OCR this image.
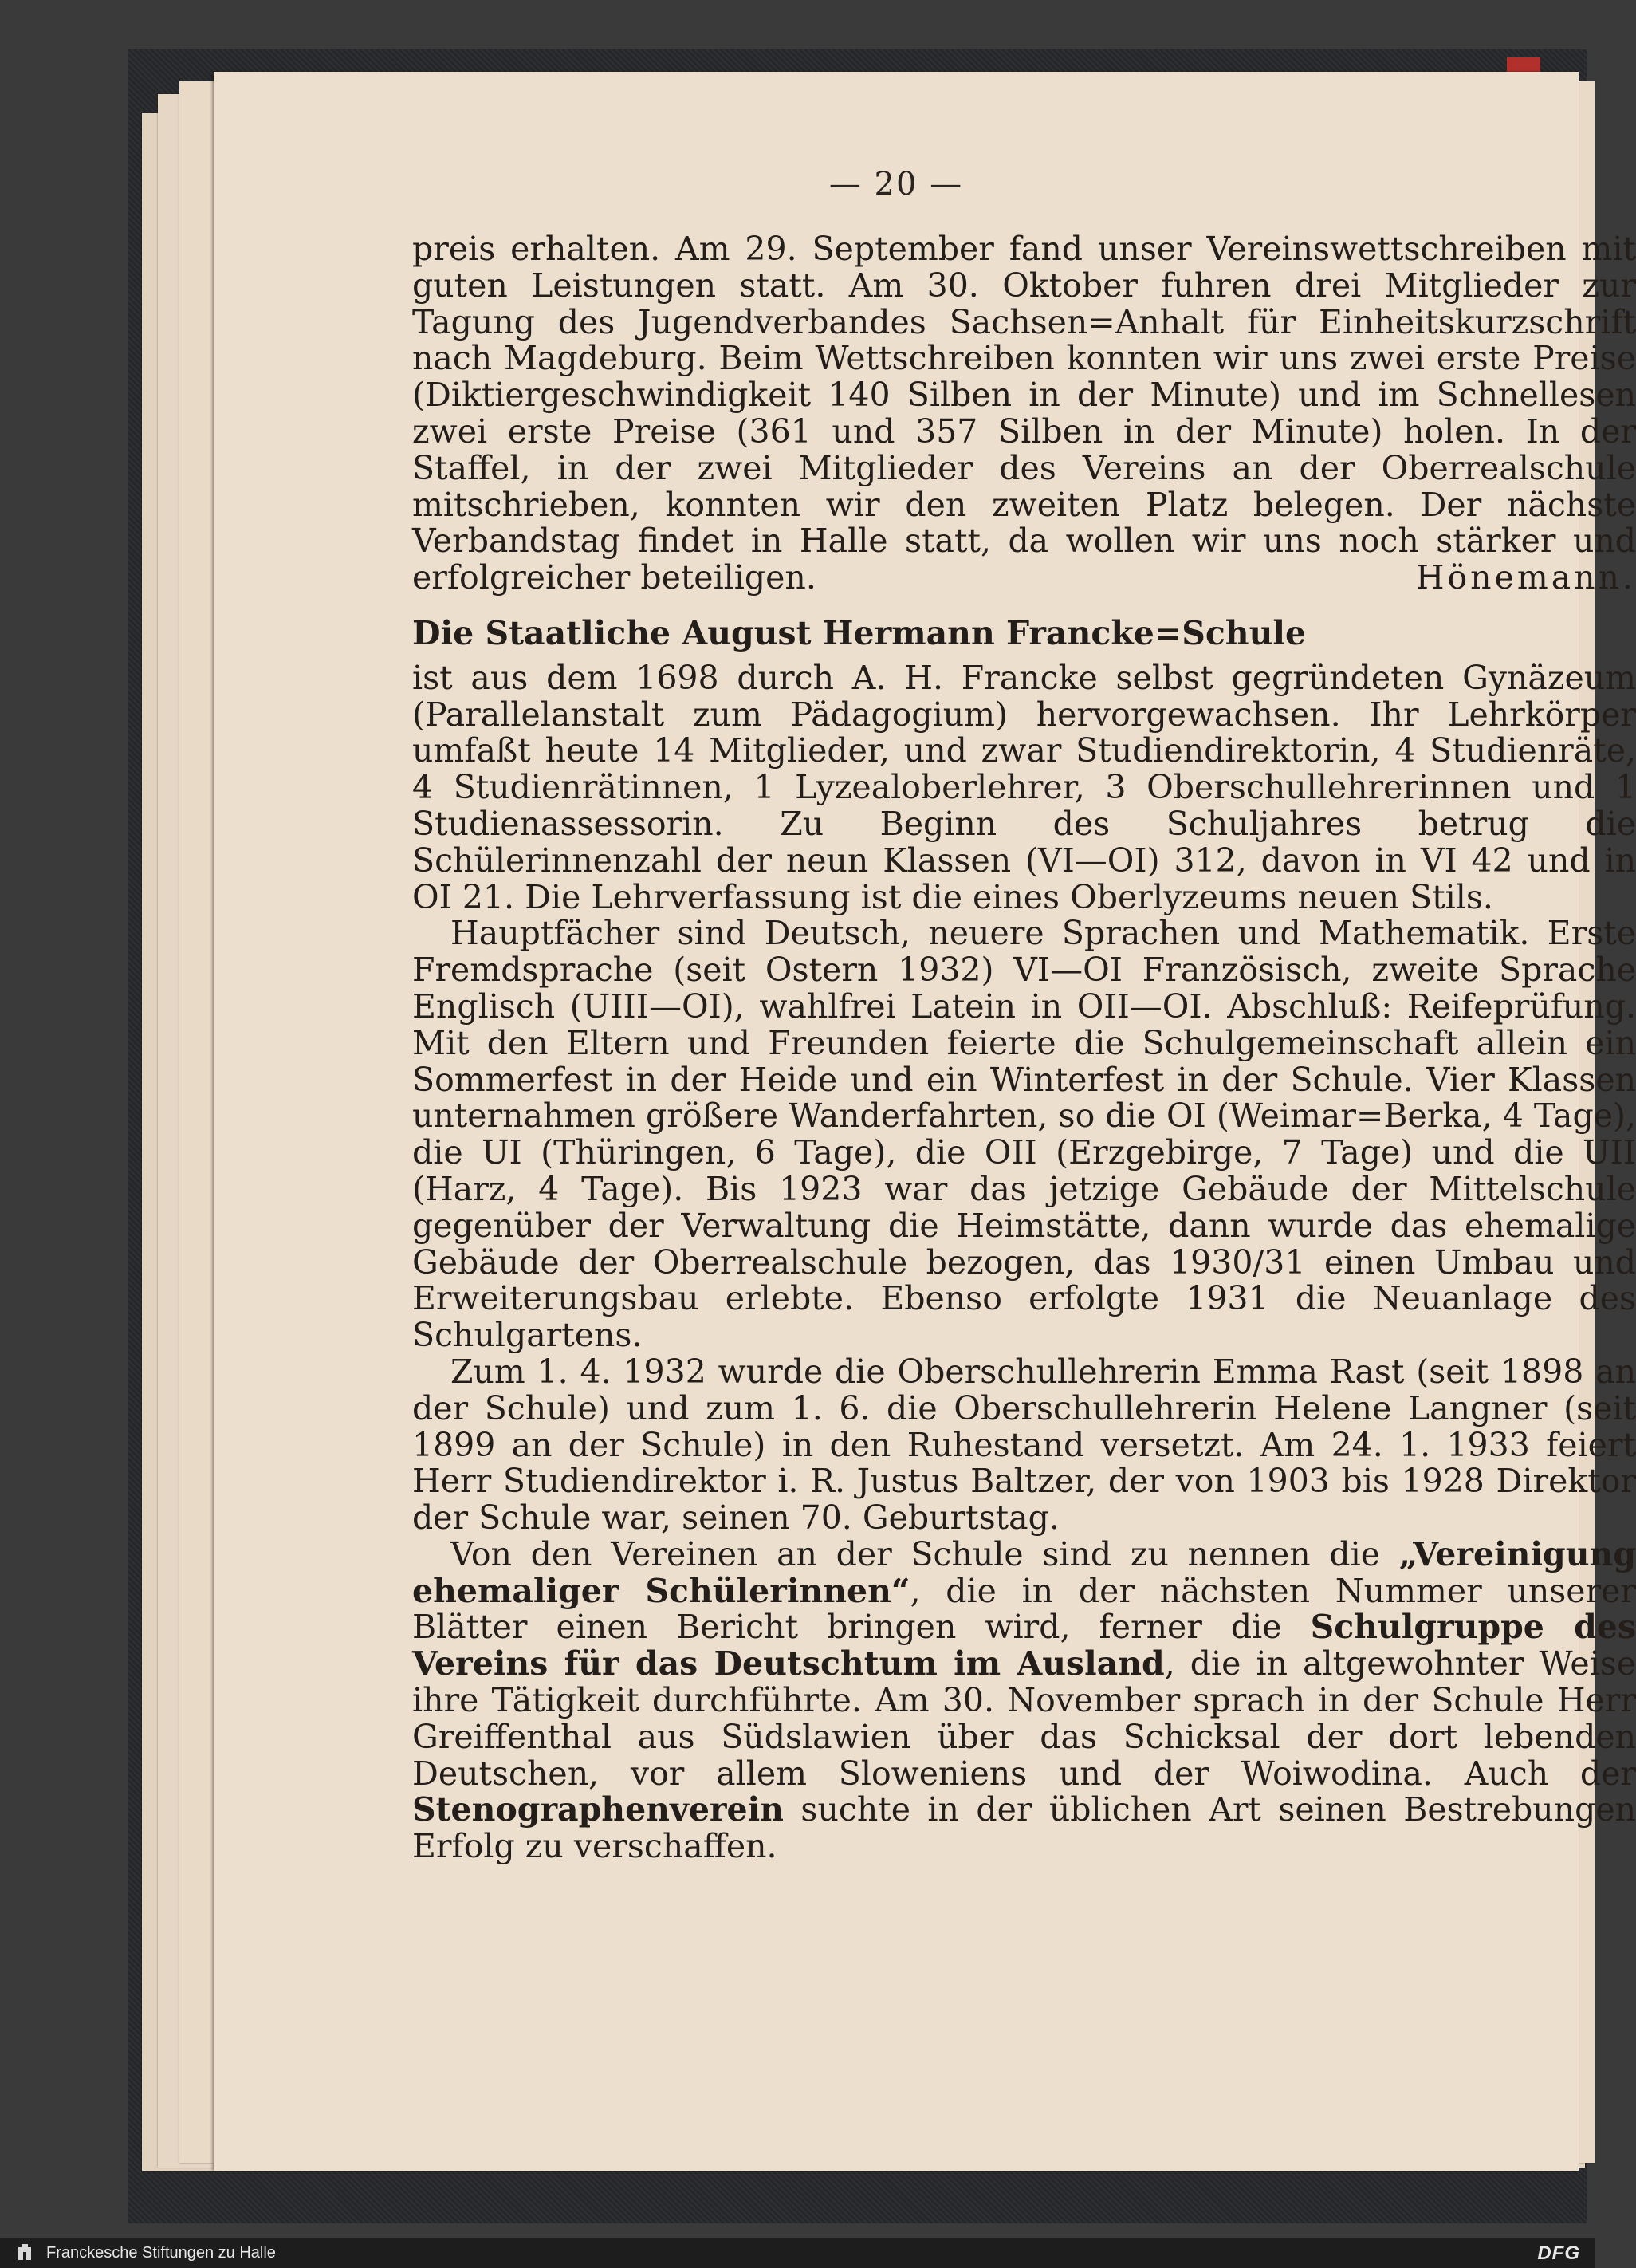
— 20 —

preis erhalten. Am 29. September fand unser Vereinswettschreiben mit guten Leistungen statt. Am 30. Oktober fuhren drei Mitglieder zur Tagung des Jugendverbandes Sachsen=Anhalt für Einheitskurzschrift nach Magdeburg. Beim Wettschreiben konnten wir uns zwei erste Preise (Diktiergeschwindigkeit 140 Silben in der Minute) und im Schnellesen zwei erste Preise (361 und 357 Silben in der Minute) holen. In der Staffel, in der zwei Mitglieder des Vereins an der Oberrealschule mitschrieben, konnten wir den zweiten Platz belegen. Der nächste Verbandstag findet in Halle statt, da wollen wir uns noch stärker und erfolgreicher beteiligen.	Hönemann.

Die Staatliche August Hermann Francke=Schule

ist aus dem 1698 durch A. H. Francke selbst gegründeten Gynäzeum (Parallelanstalt zum Pädagogium) hervorgewachsen. Ihr Lehrkörper umfaßt heute 14 Mitglieder, und zwar Studiendirektorin, 4 Studienräte, 4 Studienrätinnen, 1 Lyzealoberlehrer, 3 Oberschullehrerinnen und 1 Studienassessorin. Zu Beginn des Schuljahres betrug die Schülerinnenzahl der neun Klassen (VI—OI) 312, davon in VI 42 und in OI 21. Die Lehrverfassung ist die eines Oberlyzeums neuen Stils.

Hauptfächer sind Deutsch, neuere Sprachen und Mathematik. Erste Fremdsprache (seit Ostern 1932) VI—OI Französisch, zweite Sprache Englisch (UIII—OI), wahlfrei Latein in OII—OI. Abschluß: Reifeprüfung. Mit den Eltern und Freunden feierte die Schulgemeinschaft allein ein Sommerfest in der Heide und ein Winterfest in der Schule. Vier Klassen unternahmen größere Wanderfahrten, so die OI (Weimar=Berka, 4 Tage), die UI (Thüringen, 6 Tage), die OII (Erzgebirge, 7 Tage) und die UII (Harz, 4 Tage). Bis 1923 war das jetzige Gebäude der Mittelschule gegenüber der Verwaltung die Heimstätte, dann wurde das ehemalige Gebäude der Oberrealschule bezogen, das 1930/31 einen Umbau und Erweiterungsbau erlebte. Ebenso erfolgte 1931 die Neuanlage des Schulgartens.

Zum 1. 4. 1932 wurde die Oberschullehrerin Emma Rast (seit 1898 an der Schule) und zum 1. 6. die Oberschullehrerin Helene Langner (seit 1899 an der Schule) in den Ruhestand versetzt. Am 24. 1. 1933 feiert Herr Studiendirektor i. R. Justus Baltzer, der von 1903 bis 1928 Direktor der Schule war, seinen 70. Geburtstag.

Von den Vereinen an der Schule sind zu nennen die „Vereinigung ehemaliger Schülerinnen“, die in der nächsten Nummer unserer Blätter einen Bericht bringen wird, ferner die Schulgruppe des Vereins für das Deutschtum im Ausland, die in altgewohnter Weise ihre Tätigkeit durchführte. Am 30. November sprach in der Schule Herr Greiffenthal aus Südslawien über das Schicksal der dort lebenden Deutschen, vor allem Sloweniens und der Woiwodina. Auch der Stenographenverein suchte in der üblichen Art seinen Bestrebungen Erfolg zu verschaffen.

Franckesche Stiftungen zu Halle	DFG
